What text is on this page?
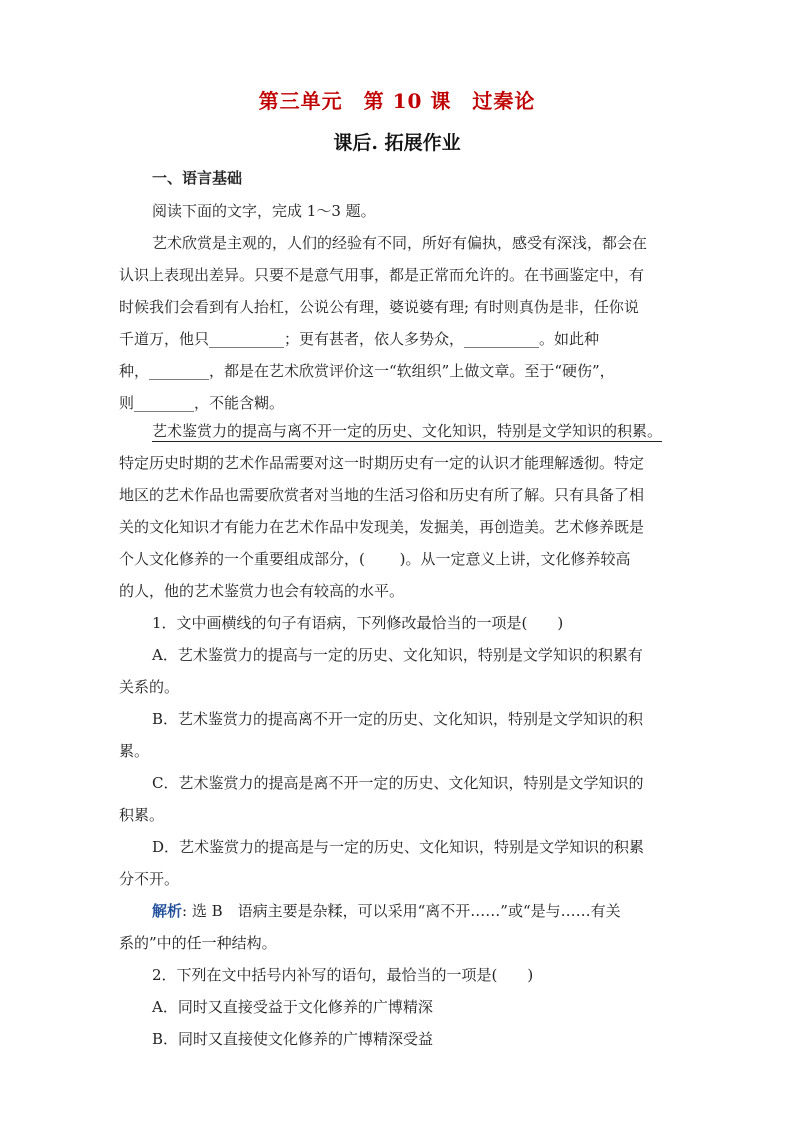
第三单元　第 10 课　过秦论
课后. 拓展作业
一、语言基础
阅读下面的文字，完成 1～3 题。
艺术欣赏是主观的，人们的经验有不同，所好有偏执，感受有深浅，都会在
认识上表现出差异。只要不是意气用事，都是正常而允许的。在书画鉴定中，有
时候我们会看到有人抬杠，公说公有理，婆说婆有理; 有时则真伪是非，任你说
千道万，他只__________；更有甚者，依人多势众，__________。如此种
种，________，都是在艺术欣赏评价这一“软组织”上做文章。至于“硬伤”，
则________，不能含糊。
艺术鉴赏力的提高与离不开一定的历史、文化知识，特别是文学知识的积累。
特定历史时期的艺术作品需要对这一时期历史有一定的认识才能理解透彻。特定
地区的艺术作品也需要欣赏者对当地的生活习俗和历史有所了解。只有具备了相
关的文化知识才有能力在艺术作品中发现美，发掘美，再创造美。艺术修养既是
个人文化修养的一个重要组成部分，(　　 )。从一定意义上讲，文化修养较高
的人，他的艺术鉴赏力也会有较高的水平。
1．文中画横线的句子有语病，下列修改最恰当的一项是(　　)
A．艺术鉴赏力的提高与一定的历史、文化知识，特别是文学知识的积累有
关系的。
B．艺术鉴赏力的提高离不开一定的历史、文化知识，特别是文学知识的积
累。
C．艺术鉴赏力的提高是离不开一定的历史、文化知识，特别是文学知识的
积累。
D．艺术鉴赏力的提高是与一定的历史、文化知识，特别是文学知识的积累
分不开。
解析: 选 B　语病主要是杂糅，可以采用“离不开……”或“是与……有关
系的”中的任一种结构。
2．下列在文中括号内补写的语句，最恰当的一项是(　　)
A．同时又直接受益于文化修养的广博精深
B．同时又直接使文化修养的广博精深受益
